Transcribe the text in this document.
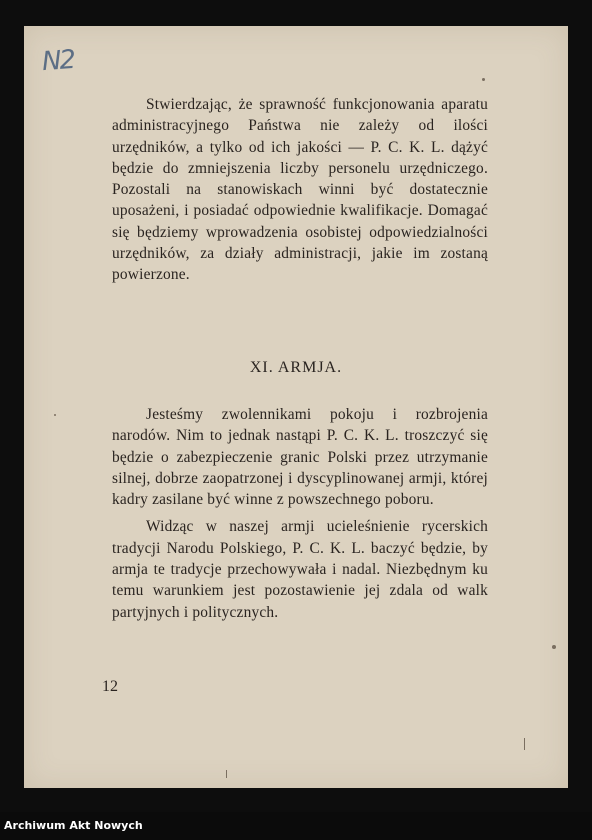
N2

Stwierdzając, że sprawność funkcjonowania aparatu administracyjnego Państwa nie zależy od ilości urzędników, a tylko od ich jakości — P. C. K. L. dążyć będzie do zmniejszenia liczby personelu urzędniczego. Pozostali na stanowiskach winni być dostatecznie uposażeni, i posiadać odpowiednie kwalifikacje. Domagać się będziemy wprowadzenia osobistej odpowiedzialności urzędników, za działy administracji, jakie im zostaną powierzone.

XI. ARMJA.

Jesteśmy zwolennikami pokoju i rozbrojenia narodów. Nim to jednak nastąpi P. C. K. L. troszczyć się będzie o zabezpieczenie granic Polski przez utrzymanie silnej, dobrze zaopatrzonej i dyscyplinowanej armji, której kadry zasilane być winne z powszechnego poboru.

Widząc w naszej armji ucieleśnienie rycerskich tradycji Narodu Polskiego, P. C. K. L. baczyć będzie, by armja te tradycje przechowywała i nadal. Niezbędnym ku temu warunkiem jest pozostawienie jej zdala od walk partyjnych i politycznych.

12
Archiwum Akt Nowych
